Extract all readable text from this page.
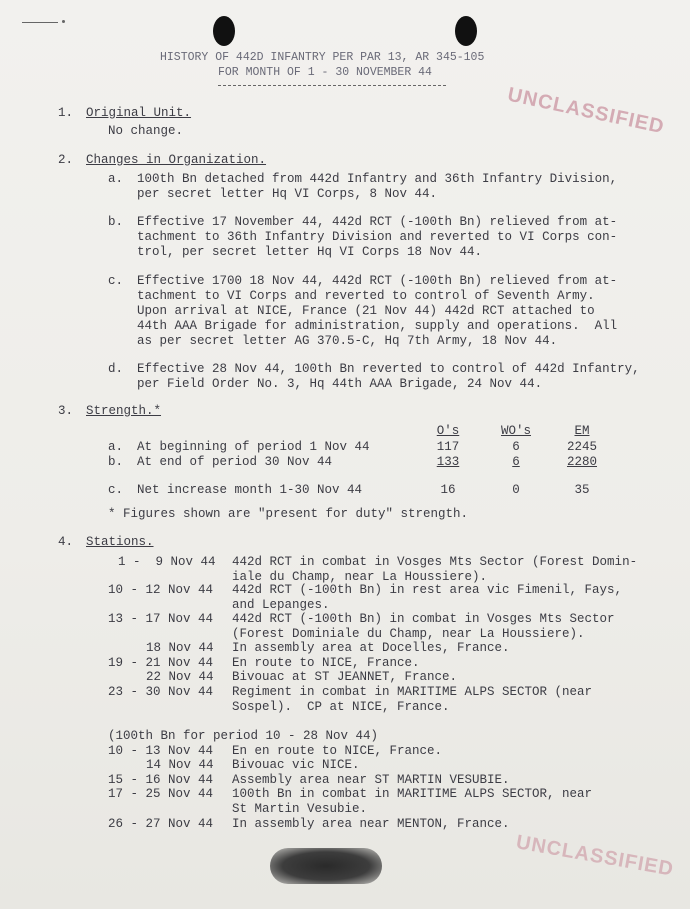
UNCLASSIFIED
UNCLASSIFIED
HISTORY OF 442D INFANTRY PER PAR 13, AR 345-105
FOR MONTH OF 1 - 30 NOVEMBER 44
1. Original Unit.
No change.
2. Changes in Organization.
a. 100th Bn detached from 442d Infantry and 36th Infantry Division,
per secret letter Hq VI Corps, 8 Nov 44.
b. Effective 17 November 44, 442d RCT (-100th Bn) relieved from at-
tachment to 36th Infantry Division and reverted to VI Corps con-
trol, per secret letter Hq VI Corps 18 Nov 44.
c. Effective 1700 18 Nov 44, 442d RCT (-100th Bn) relieved from at-
tachment to VI Corps and reverted to control of Seventh Army.
Upon arrival at NICE, France (21 Nov 44) 442d RCT attached to
44th AAA Brigade for administration, supply and operations.  All
as per secret letter AG 370.5-C, Hq 7th Army, 18 Nov 44.
d. Effective 28 Nov 44, 100th Bn reverted to control of 442d Infantry,
per Field Order No. 3, Hq 44th AAA Brigade, 24 Nov 44.
3. Strength.*
O's	WO's	EM
a. At beginning of period 1 Nov 44	117	6	2245
b. At end of period 30 Nov 44	133	6	2280
c. Net increase month 1-30 Nov 44	16	0	35
* Figures shown are "present for duty" strength.
4. Stations.
1 -  9 Nov 44 442d RCT in combat in Vosges Mts Sector (Forest Domin-
iale du Champ, near La Houssiere).
10 - 12 Nov 44 442d RCT (-100th Bn) in rest area vic Fimenil, Fays,
and Lepanges.
13 - 17 Nov 44 442d RCT (-100th Bn) in combat in Vosges Mts Sector
(Forest Dominiale du Champ, near La Houssiere).
18 Nov 44 In assembly area at Docelles, France.
19 - 21 Nov 44 En route to NICE, France.
22 Nov 44 Bivouac at ST JEANNET, France.
23 - 30 Nov 44 Regiment in combat in MARITIME ALPS SECTOR (near
Sospel).  CP at NICE, France.
(100th Bn for period 10 - 28 Nov 44)
10 - 13 Nov 44 En en route to NICE, France.
14 Nov 44 Bivouac vic NICE.
15 - 16 Nov 44 Assembly area near ST MARTIN VESUBIE.
17 - 25 Nov 44 100th Bn in combat in MARITIME ALPS SECTOR, near
St Martin Vesubie.
26 - 27 Nov 44 In assembly area near MENTON, France.
